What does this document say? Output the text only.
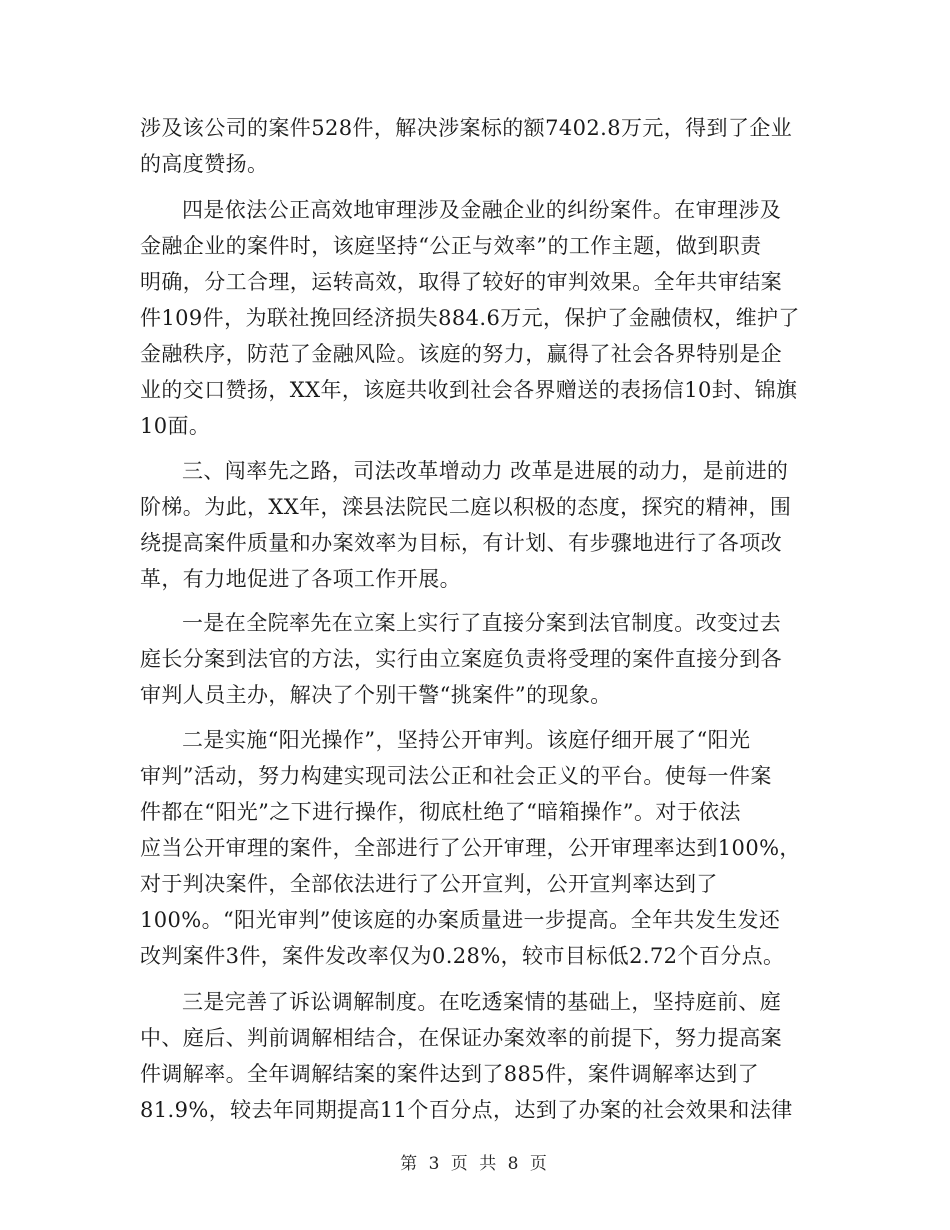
涉及该公司的案件528件，解决涉案标的额7402.8万元，得到了企业
的高度赞扬。
四是依法公正高效地审理涉及金融企业的纠纷案件。在审理涉及
金融企业的案件时，该庭坚持“公正与效率”的工作主题，做到职责
明确，分工合理，运转高效，取得了较好的审判效果。全年共审结案
件109件，为联社挽回经济损失884.6万元，保护了金融债权，维护了
金融秩序，防范了金融风险。该庭的努力，赢得了社会各界特别是企
业的交口赞扬，XX年，该庭共收到社会各界赠送的表扬信10封、锦旗
10面。
三、闯率先之路，司法改革增动力 改革是进展的动力，是前进的
阶梯。为此，XX年，滦县法院民二庭以积极的态度，探究的精神，围
绕提高案件质量和办案效率为目标，有计划、有步骤地进行了各项改
革，有力地促进了各项工作开展。
一是在全院率先在立案上实行了直接分案到法官制度。改变过去
庭长分案到法官的方法，实行由立案庭负责将受理的案件直接分到各
审判人员主办，解决了个别干警“挑案件”的现象。
二是实施“阳光操作”，坚持公开审判。该庭仔细开展了“阳光
审判”活动，努力构建实现司法公正和社会正义的平台。使每一件案
件都在“阳光”之下进行操作，彻底杜绝了“暗箱操作”。对于依法
应当公开审理的案件，全部进行了公开审理，公开审理率达到100%，
对于判决案件，全部依法进行了公开宣判，公开宣判率达到了
100%。“阳光审判”使该庭的办案质量进一步提高。全年共发生发还
改判案件3件，案件发改率仅为0.28%，较市目标低2.72个百分点。
三是完善了诉讼调解制度。在吃透案情的基础上，坚持庭前、庭
中、庭后、判前调解相结合，在保证办案效率的前提下，努力提高案
件调解率。全年调解结案的案件达到了885件，案件调解率达到了
81.9%，较去年同期提高11个百分点，达到了办案的社会效果和法律
第 3 页 共 8 页
